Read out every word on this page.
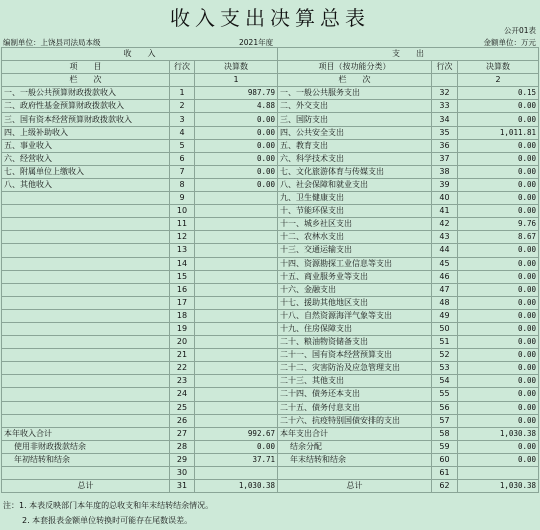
收入支出决算总表
公开01表
编制单位：上饶县司法局本级	2021年度	金额单位：万元
收　　入			支　　出		
项　　目	行次	决算数	项目（按功能分类）	行次	决算数
栏　　次		1	栏　　次		2
一、一般公共预算财政拨款收入	1	987.79	一、一般公共服务支出	32	0.15
二、政府性基金预算财政拨款收入	2	4.88	二、外交支出	33	0.00
三、国有资本经营预算财政拨款收入	3	0.00	三、国防支出	34	0.00
四、上级补助收入	4	0.00	四、公共安全支出	35	1,011.81
五、事业收入	5	0.00	五、教育支出	36	0.00
六、经营收入	6	0.00	六、科学技术支出	37	0.00
七、附属单位上缴收入	7	0.00	七、文化旅游体育与传媒支出	38	0.00
八、其他收入	8	0.00	八、社会保障和就业支出	39	0.00
	9		九、卫生健康支出	40	0.00
	10		十、节能环保支出	41	0.00
	11		十一、城乡社区支出	42	9.76
	12		十二、农林水支出	43	8.67
	13		十三、交通运输支出	44	0.00
	14		十四、资源勘探工业信息等支出	45	0.00
	15		十五、商业服务业等支出	46	0.00
	16		十六、金融支出	47	0.00
	17		十七、援助其他地区支出	48	0.00
	18		十八、自然资源海洋气象等支出	49	0.00
	19		十九、住房保障支出	50	0.00
	20		二十、粮油物资储备支出	51	0.00
	21		二十一、国有资本经营预算支出	52	0.00
	22		二十二、灾害防治及应急管理支出	53	0.00
	23		二十三、其他支出	54	0.00
	24		二十四、债务还本支出	55	0.00
	25		二十五、债务付息支出	56	0.00
	26		二十六、抗疫特别国债安排的支出	57	0.00
本年收入合计	27	992.67	本年支出合计	58	1,030.38
使用非财政拨款结余	28	0.00	结余分配	59	0.00
年初结转和结余	29	37.71	年末结转和结余	60	0.00
	30			61	
总计	31	1,030.38	总计	62	1,030.38
注：1. 本表反映部门本年度的总收支和年末结转结余情况。
2. 本套报表金额单位转换时可能存在尾数误差。
